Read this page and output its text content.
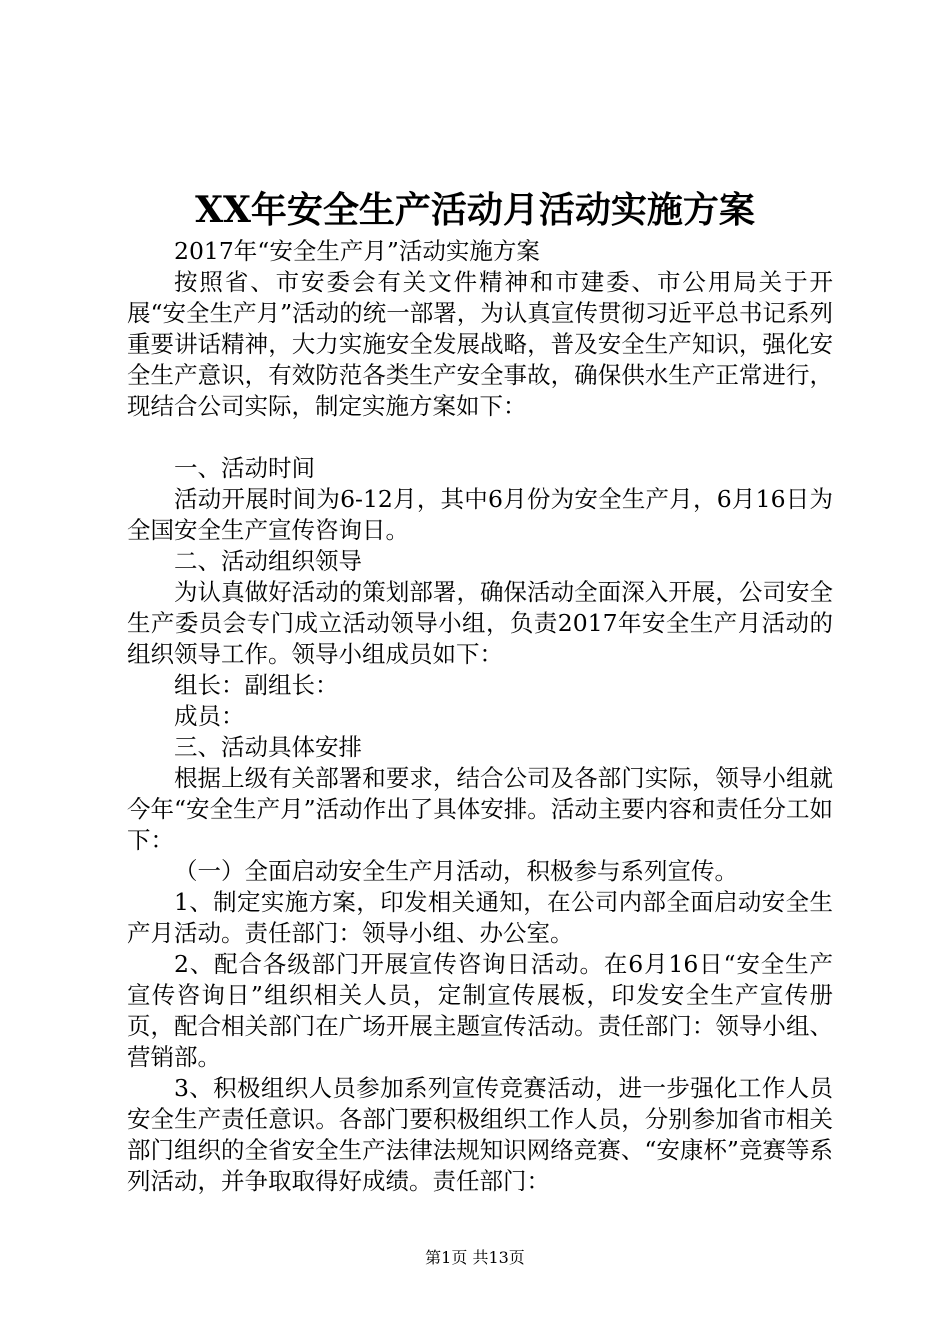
XX年安全生产活动月活动实施方案

2017年“安全生产月”活动实施方案

按照省、市安委会有关文件精神和市建委、市公用局关于开展“安全生产月”活动的统一部署，为认真宣传贯彻习近平总书记系列重要讲话精神，大力实施安全发展战略，普及安全生产知识，强化安全生产意识，有效防范各类生产安全事故，确保供水生产正常进行，现结合公司实际，制定实施方案如下：

一、活动时间

活动开展时间为6-12月，其中6月份为安全生产月，6月16日为全国安全生产宣传咨询日。

二、活动组织领导

为认真做好活动的策划部署，确保活动全面深入开展，公司安全生产委员会专门成立活动领导小组，负责2017年安全生产月活动的组织领导工作。领导小组成员如下：

组长：副组长：

成员：

三、活动具体安排

根据上级有关部署和要求，结合公司及各部门实际，领导小组就今年“安全生产月”活动作出了具体安排。活动主要内容和责任分工如下：

（一）全面启动安全生产月活动，积极参与系列宣传。

1、制定实施方案，印发相关通知，在公司内部全面启动安全生产月活动。责任部门：领导小组、办公室。

2、配合各级部门开展宣传咨询日活动。在6月16日“安全生产宣传咨询日”组织相关人员，定制宣传展板，印发安全生产宣传册页，配合相关部门在广场开展主题宣传活动。责任部门：领导小组、营销部。

3、积极组织人员参加系列宣传竞赛活动，进一步强化工作人员安全生产责任意识。各部门要积极组织工作人员，分别参加省市相关部门组织的全省安全生产法律法规知识网络竞赛、“安康杯”竞赛等系列活动，并争取取得好成绩。责任部门：

第1页 共13页
